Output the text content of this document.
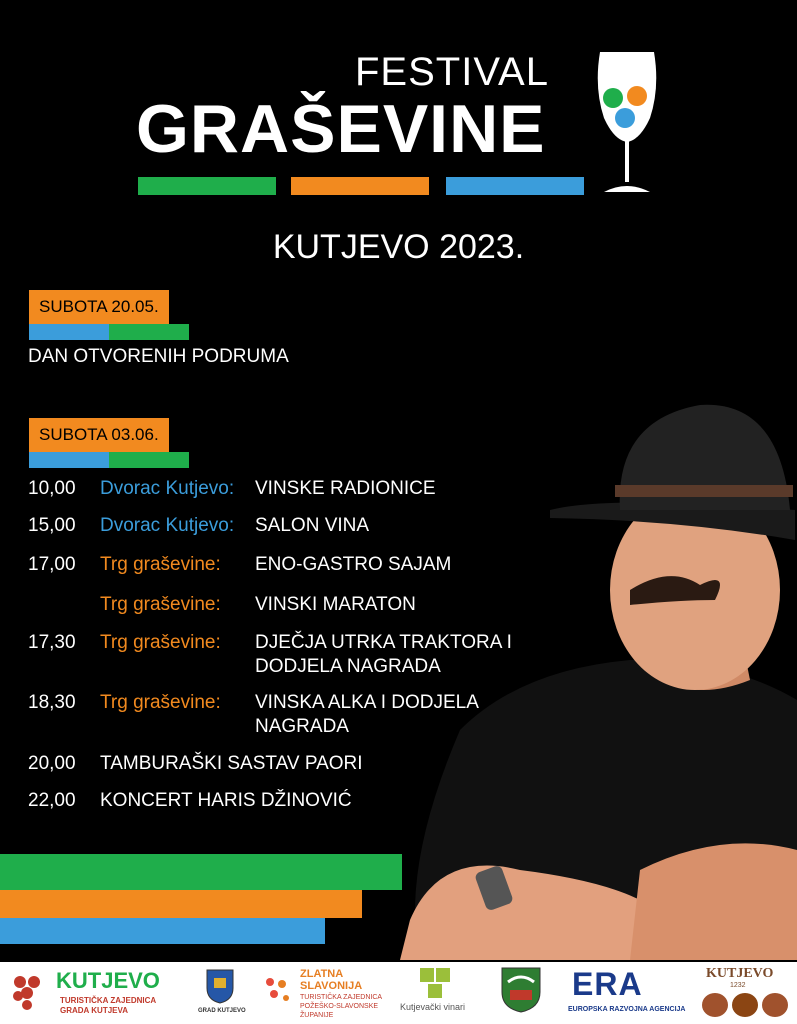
FESTIVAL
GRAŠEVINE
KUTJEVO 2023.
SUBOTA 20.05.
DAN OTVORENIH PODRUMA
SUBOTA 03.06.
10,00 Dvorac Kutjevo: VINSKE RADIONICE
15,00 Dvorac Kutjevo: SALON VINA
17,00 Trg graševine: ENO-GASTRO SAJAM
Trg graševine: VINSKI MARATON
17,30 Trg graševine: DJEČJA UTRKA TRAKTORA I DODJELA NAGRADA
18,30 Trg graševine: VINSKA ALKA I DODJELA NAGRADA
20,00 TAMBURAŠKI SASTAV PAORI
22,00 KONCERT HARIS DŽINOVIĆ
KUTJEVO
TURISTIČKA ZAJEDNICA
GRADA KUTJEVA	GRAD KUTJEVO
ZLATNA
SLAVONIJA
TURISTIČKA ZAJEDNICA
POŽEŠKO-SLAVONSKE
ŽUPANIJE
Kutjevački vinari
ERA
EUROPSKA RAZVOJNA AGENCIJA
KUTJEVO
1232
